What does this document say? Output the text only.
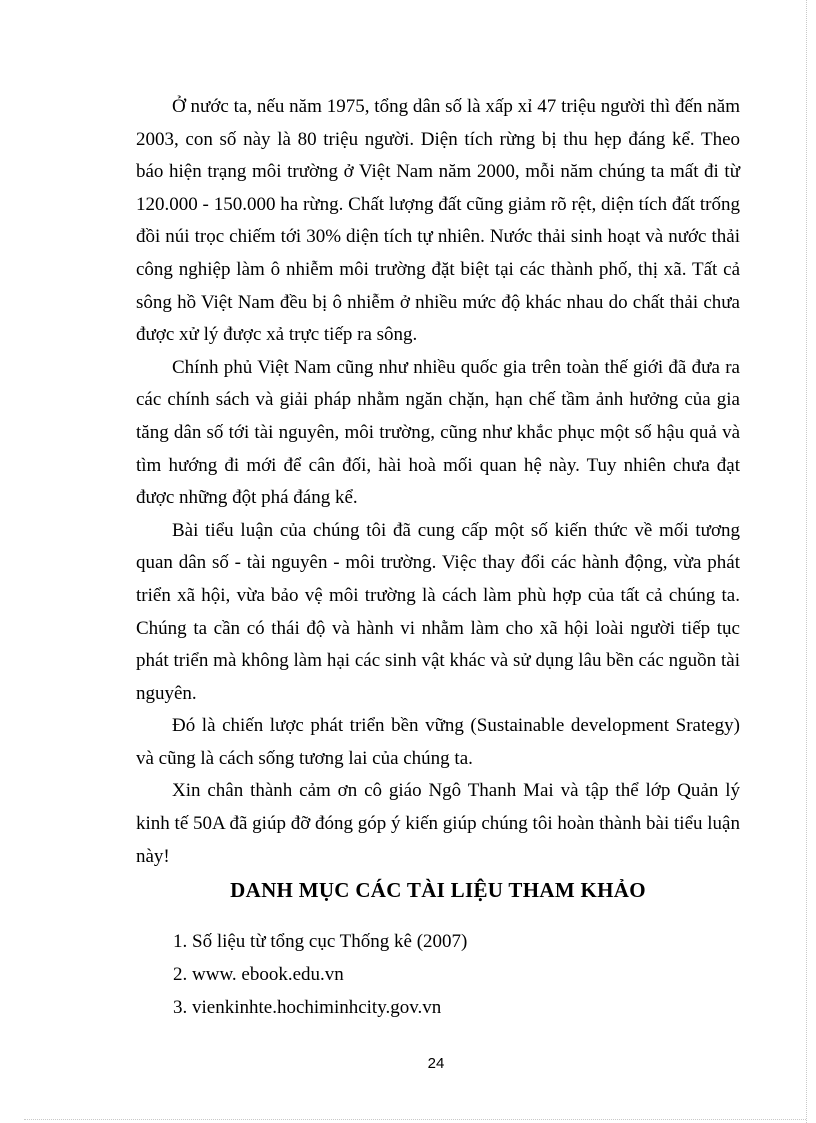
Ở nước ta, nếu năm 1975, tổng dân số là xấp xỉ 47 triệu người thì đến năm 2003, con số này là 80 triệu người. Diện tích rừng bị thu hẹp đáng kể. Theo báo hiện trạng môi trường ở Việt Nam năm 2000, mỗi năm chúng ta mất đi từ 120.000 - 150.000 ha rừng. Chất lượng đất cũng giảm rõ rệt, diện tích đất trống đồi núi trọc chiếm tới 30% diện tích tự nhiên. Nước thải sinh hoạt và nước thải công nghiệp làm ô nhiễm môi trường đặt biệt tại các thành phố, thị xã. Tất cả sông hồ Việt Nam đều bị ô nhiễm ở nhiều mức độ khác nhau do chất thải chưa được xử lý được xả trực tiếp ra sông.

Chính phủ Việt Nam cũng như nhiều quốc gia trên toàn thế giới đã đưa ra các chính sách và giải pháp nhằm ngăn chặn, hạn chế tầm ảnh hưởng của gia tăng dân số tới tài nguyên, môi trường, cũng như khắc phục một số hậu quả và tìm hướng đi mới để cân đối, hài hoà mối quan hệ này. Tuy nhiên chưa đạt được những đột phá đáng kể.

Bài tiểu luận của chúng tôi đã cung cấp một số kiến thức về mối tương quan dân số - tài nguyên - môi trường. Việc thay đổi các hành động, vừa phát triển xã hội, vừa bảo vệ môi trường là cách làm phù hợp của tất cả chúng ta. Chúng ta cần có thái độ và hành vi nhằm làm cho xã hội loài người tiếp tục phát triển mà không làm hại các sinh vật khác và sử dụng lâu bền các nguồn tài nguyên.

Đó là chiến lược phát triển bền vững (Sustainable development Srategy) và cũng là cách sống tương lai của chúng ta.

Xin chân thành cảm ơn cô giáo Ngô Thanh Mai và tập thể lớp Quản lý kinh tế 50A đã giúp đỡ đóng góp ý kiến giúp chúng tôi hoàn thành bài tiểu luận này!

DANH MỤC CÁC TÀI LIỆU THAM KHẢO
1. Số liệu từ tổng cục Thống kê (2007)
2. www. ebook.edu.vn
3. vienkinhte.hochiminhcity.gov.vn
24
